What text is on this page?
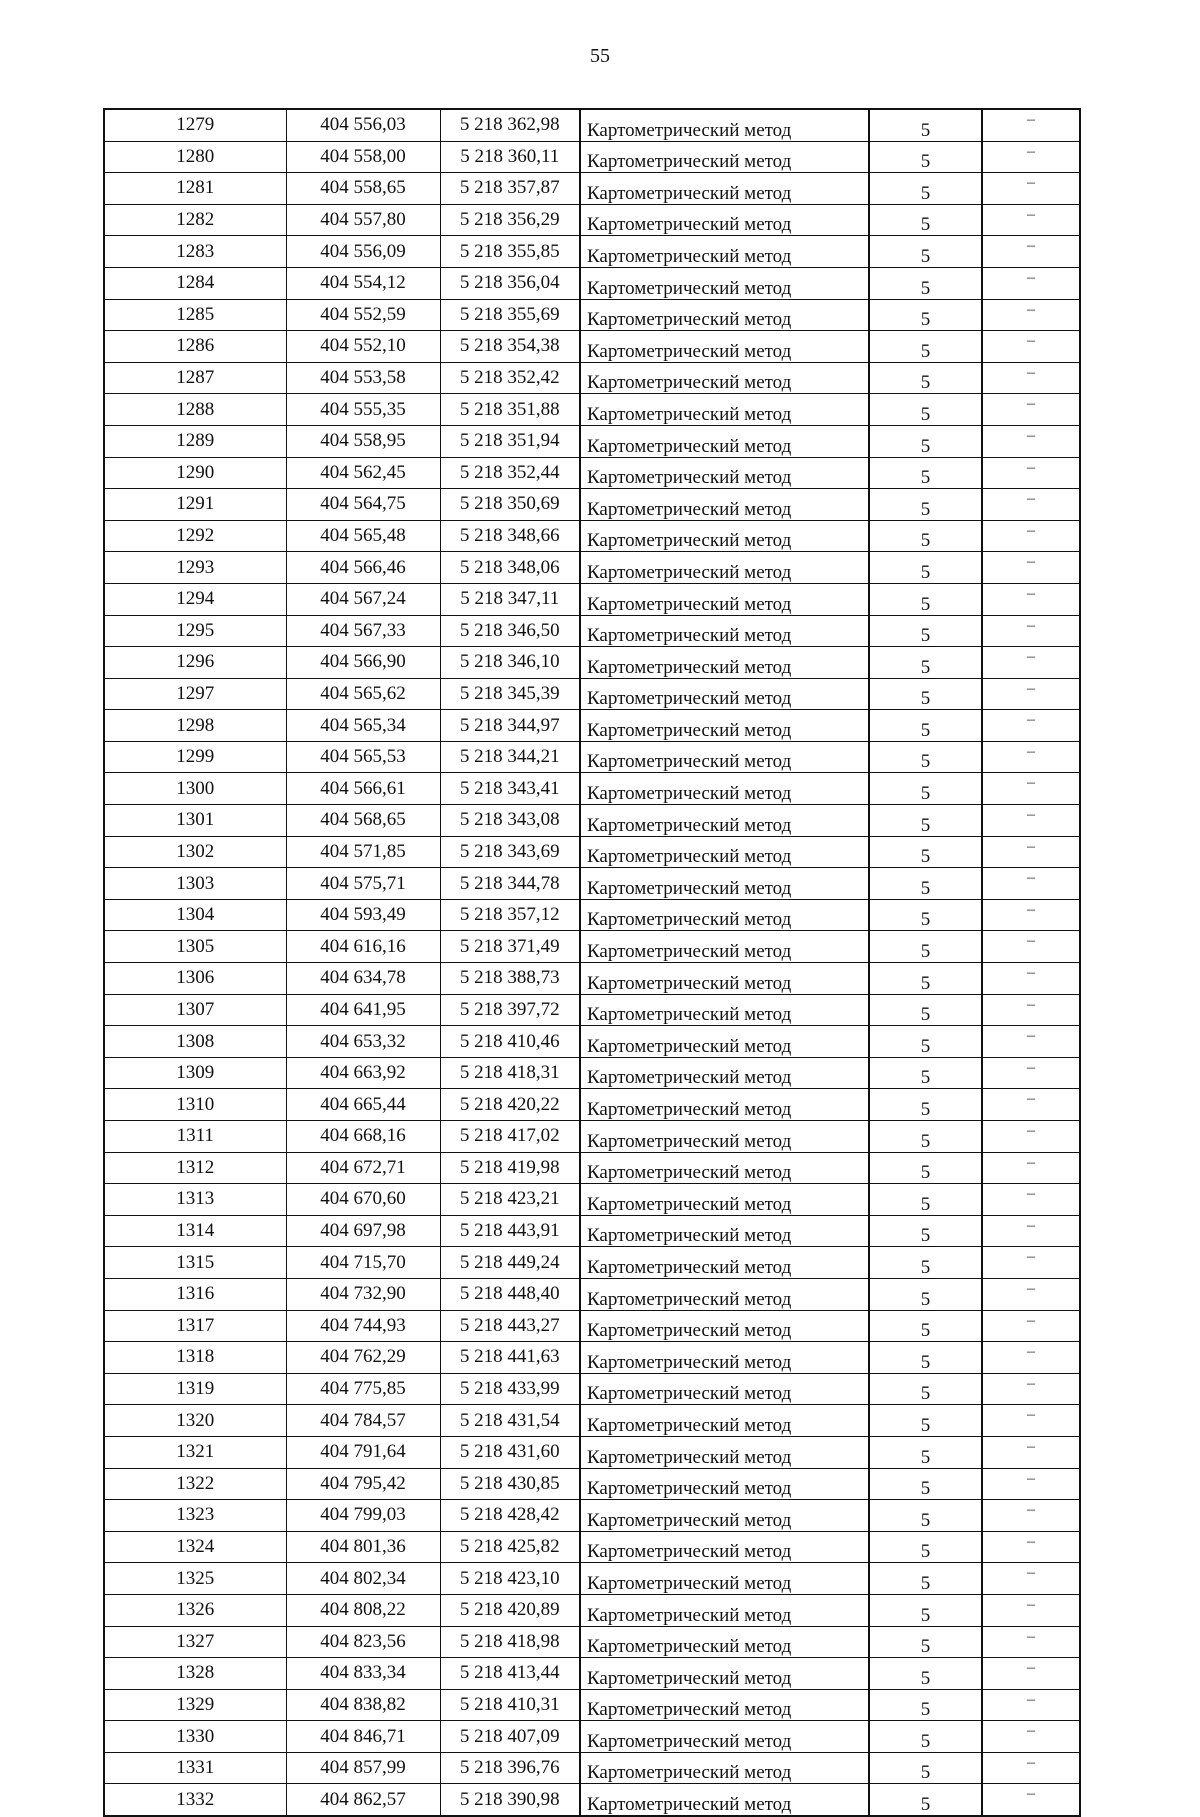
55
1279	404 556,03	5 218 362,98	Картометрический метод	5	–
1280	404 558,00	5 218 360,11	Картометрический метод	5	–
1281	404 558,65	5 218 357,87	Картометрический метод	5	–
1282	404 557,80	5 218 356,29	Картометрический метод	5	–
1283	404 556,09	5 218 355,85	Картометрический метод	5	–
1284	404 554,12	5 218 356,04	Картометрический метод	5	–
1285	404 552,59	5 218 355,69	Картометрический метод	5	–
1286	404 552,10	5 218 354,38	Картометрический метод	5	–
1287	404 553,58	5 218 352,42	Картометрический метод	5	–
1288	404 555,35	5 218 351,88	Картометрический метод	5	–
1289	404 558,95	5 218 351,94	Картометрический метод	5	–
1290	404 562,45	5 218 352,44	Картометрический метод	5	–
1291	404 564,75	5 218 350,69	Картометрический метод	5	–
1292	404 565,48	5 218 348,66	Картометрический метод	5	–
1293	404 566,46	5 218 348,06	Картометрический метод	5	–
1294	404 567,24	5 218 347,11	Картометрический метод	5	–
1295	404 567,33	5 218 346,50	Картометрический метод	5	–
1296	404 566,90	5 218 346,10	Картометрический метод	5	–
1297	404 565,62	5 218 345,39	Картометрический метод	5	–
1298	404 565,34	5 218 344,97	Картометрический метод	5	–
1299	404 565,53	5 218 344,21	Картометрический метод	5	–
1300	404 566,61	5 218 343,41	Картометрический метод	5	–
1301	404 568,65	5 218 343,08	Картометрический метод	5	–
1302	404 571,85	5 218 343,69	Картометрический метод	5	–
1303	404 575,71	5 218 344,78	Картометрический метод	5	–
1304	404 593,49	5 218 357,12	Картометрический метод	5	–
1305	404 616,16	5 218 371,49	Картометрический метод	5	–
1306	404 634,78	5 218 388,73	Картометрический метод	5	–
1307	404 641,95	5 218 397,72	Картометрический метод	5	–
1308	404 653,32	5 218 410,46	Картометрический метод	5	–
1309	404 663,92	5 218 418,31	Картометрический метод	5	–
1310	404 665,44	5 218 420,22	Картометрический метод	5	–
1311	404 668,16	5 218 417,02	Картометрический метод	5	–
1312	404 672,71	5 218 419,98	Картометрический метод	5	–
1313	404 670,60	5 218 423,21	Картометрический метод	5	–
1314	404 697,98	5 218 443,91	Картометрический метод	5	–
1315	404 715,70	5 218 449,24	Картометрический метод	5	–
1316	404 732,90	5 218 448,40	Картометрический метод	5	–
1317	404 744,93	5 218 443,27	Картометрический метод	5	–
1318	404 762,29	5 218 441,63	Картометрический метод	5	–
1319	404 775,85	5 218 433,99	Картометрический метод	5	–
1320	404 784,57	5 218 431,54	Картометрический метод	5	–
1321	404 791,64	5 218 431,60	Картометрический метод	5	–
1322	404 795,42	5 218 430,85	Картометрический метод	5	–
1323	404 799,03	5 218 428,42	Картометрический метод	5	–
1324	404 801,36	5 218 425,82	Картометрический метод	5	–
1325	404 802,34	5 218 423,10	Картометрический метод	5	–
1326	404 808,22	5 218 420,89	Картометрический метод	5	–
1327	404 823,56	5 218 418,98	Картометрический метод	5	–
1328	404 833,34	5 218 413,44	Картометрический метод	5	–
1329	404 838,82	5 218 410,31	Картометрический метод	5	–
1330	404 846,71	5 218 407,09	Картометрический метод	5	–
1331	404 857,99	5 218 396,76	Картометрический метод	5	–
1332	404 862,57	5 218 390,98	Картометрический метод	5	–
